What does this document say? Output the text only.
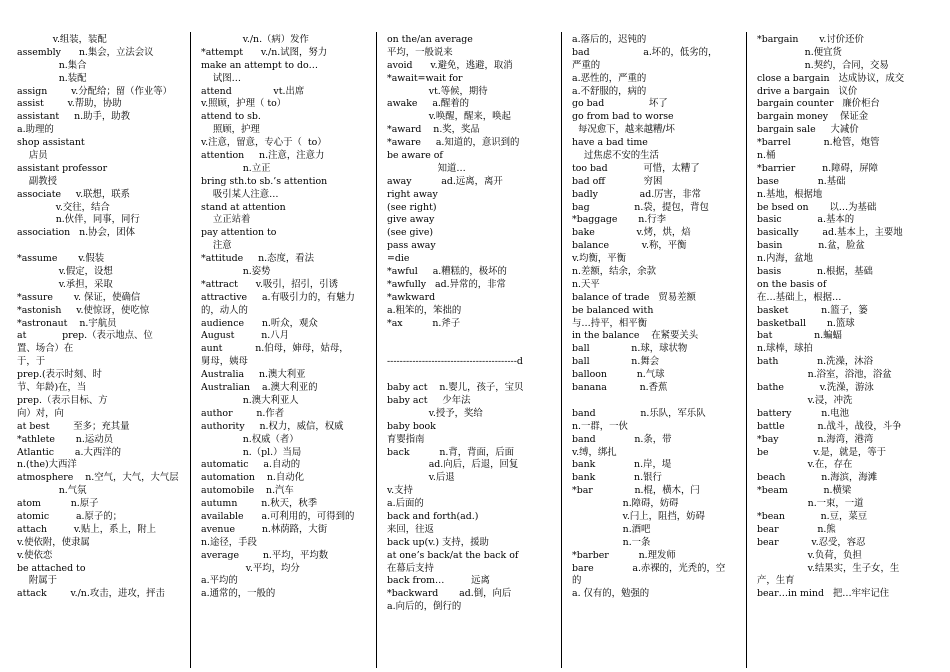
v.组装，装配
assembly      n.集会，立法会议
n.集合
n.装配
assign        v.分配给；留（作业等）
assist        v.帮助，协助
assistant     n.助手，助教
a.助理的
shop assistant
店员
assistant professor
副教授
associate     v.联想，联系
v.交往，结合
n.伙伴，同事，同行
association   n.协会，团体
*assume       v.假装
v.假定，设想
v.承担，采取
*assure       v. 保证，使确信
*astonish     v.使惊讶，使吃惊
*astronaut    n.宇航员
at            prep.（表示地点、位
置、场合）在
于，于
prep.(表示时刻、时
节、年龄)在，当
prep.（表示目标、方
向）对，向
at best        至多；充其量
*athlete       n.运动员
Atlantic       a.大西洋的
n.(the)大西洋
atmosphere    n.空气，大气，大气层
n.气氛
atom          n.原子
atomic         a.原子的；
attach         v.贴上，系上，附上
v.使依附，使隶属
v.使依恋
be attached to
附属于
attack        v./n.攻击，进攻，抨击
v./n.（病）发作
*attempt      v./n.试图，努力
make an attempt to do…
试图…
attend              vt.出席
v.照顾，护理（ to）
attend to sb.
照顾，护理
v.注意，留意，专心于（  to）
attention     n.注意，注意力
n.立正
bring sth.to sb.’s attention
吸引某人注意…
stand at attention
立正站着
pay attention to
注意
*attitude     n.态度，看法
n.姿势
*attract      v.吸引，招引，引诱
attractive     a.有吸引力的，有魅力
的，动人的
audience      n.听众，观众
August         n.八月
aunt           n.伯母，婶母，姑母，
舅母，姨母
Australia     n.澳大利亚
Australian    a.澳大利亚的
n.澳大利亚人
author        n.作者
authority     n.权力，威信，权威
n.权威（者）
n.（pl.）当局
automatic     a.自动的
automation    n.自动化
automobile    n.汽车
autumn        n.秋天，秋季
available      a.可利用的，可得到的
avenue         n.林荫路，大街
n.途径，手段
average        n.平均，平均数
v.平均，均分
a.平均的
a.通常的，一般的
on the/an average
平均，一般说来
avoid      v.避免，逃避，取消
*await=wait for
vt.等候，期待
awake     a.醒着的
v.唤醒，醒来，唤起
*award    n.奖，奖品
*aware     a.知道的，意识到的
be aware of
知道…
away          ad.远离，离开
right away
(see right)
give away
(see give)
pass away
=die
*awful     a.糟糕的，极坏的
*awfully   ad.异常的，非常
*awkward
a.粗笨的，笨拙的
*ax          n.斧子
-----------------------------------------d
baby act    n.婴儿，孩子，宝贝
baby act     少年法
v.授予，奖给
baby book
育婴指南
back          n.背，背面，后面
ad.向后，后退，回复
v.后退
v.支持
a.后面的
back and forth(ad.)
来回，往返
back up(v.) 支持，援助
at one’s back/at the back of
在幕后支持
back from…         远离
*backward       ad.倒，向后
a.向后的，倒行的
a.落后的，迟钝的
bad                  a.坏的，低劣的，
严重的
a.恶性的，严重的
a.不舒服的，病的
go bad               坏了
go from bad to worse
每况愈下，越来越糟/坏
have a bad time
过焦虑不安的生活
too bad            可惜，太糟了
bad off             穷困
badly              ad.厉害，非常
bag               n.袋，提包，背包
*baggage       n.行李
bake              v.烤，烘，焙
balance           v.称，平衡
v.均衡，平衡
n.差额，结余，余款
n.天平
balance of trade   贸易差额
be balanced with
与…持平，相平衡
in the balance    在紧要关头
ball              n.球，球状物
ball              n.舞会
balloon          n.气球
banana           n.香蕉
band               n.乐队，军乐队
n.一群，一伙
band             n.条，带
v.缚，绑扎
bank             n.岸，堤
bank             n.银行
*bar              n.棍，横木，闩
n.障碍，妨碍
v.闩上，阻挡，妨碍
n.酒吧
n.一条
*barber          n.理发师
bare             a.赤裸的，光秃的，空
的
a. 仅有的，勉强的
*bargain       v.讨价还价
n.便宜货
n.契约，合同，交易
close a bargain   达成协议，成交
drive a bargain   议价
bargain counter   廉价柜台
bargain money    保证金
bargain sale     大减价
*barrel           n.枪管，炮管
n.桶
*barrier         n.障碍，屏障
base             n.基础
n.基地，根据地
be bsed on       以…为基础
basic            a.基本的
basically        ad.基本上，主要地
basin            n.盆，脸盆
n.内海，盆地
basis            n.根据，基础
on the basis of
在…基础上，根据…
basket           n.篮子，篓
basketball       n.篮球
bat              n.蝙蝠
n.球棒，球拍
bath             n.洗澡，沐浴
n.浴室，浴池，浴盆
bathe            v.洗澡，游泳
v.浸，冲洗
battery          n.电池
battle           n.战斗，战役，斗争
*bay             n.海湾，港湾
be               v.是，就是，等于
v.在，存在
beach            n.海滨，海滩
*beam            n.横梁
n.一束，一道
*bean            n.豆，菜豆
bear             n.熊
bear           v.忍受，容忍
v.负荷，负担
v.结果实，生子女，生
产，生育
bear…in mind   把…牢牢记住
